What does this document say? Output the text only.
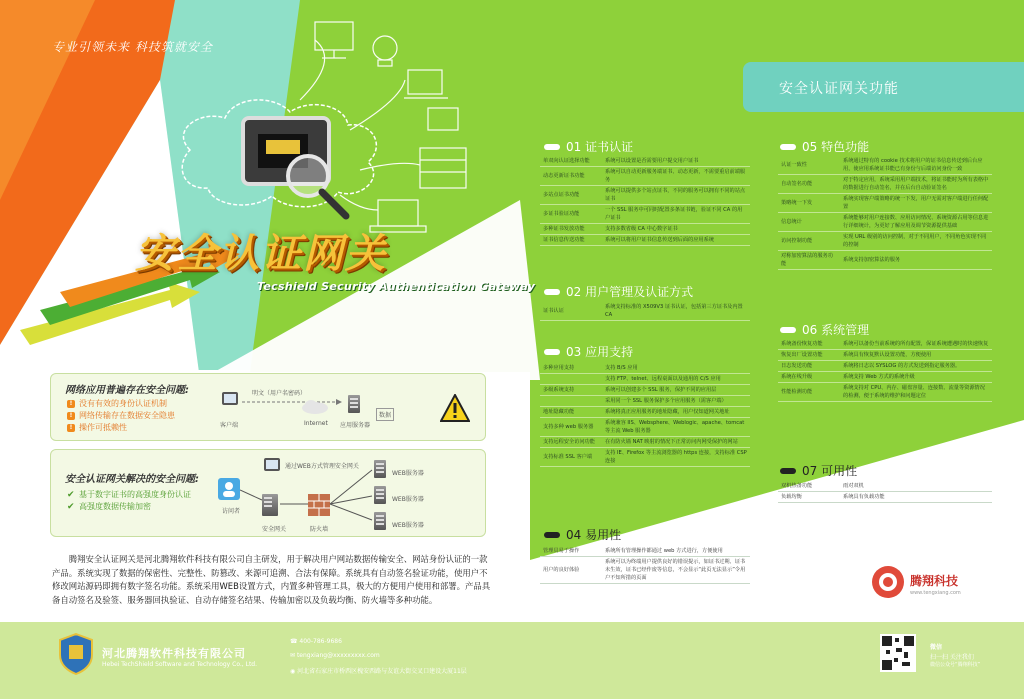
专业引领未来 科技筑就安全
安全认证网关
Tecshield Security Authentication Gateway
网络应用普遍存在安全问题:
! 没有有效的身份认证机制
! 网络传输存在数据安全隐患
! 操作可抵赖性	客户端
明文（用户名密码）
Internet 应用服务器
数据
安全认证网关解决的安全问题:
✔ 基于数字证书的高强度身份认证
✔ 高强度数据传输加密
通过WEB方式管理安全网关
访问者
安全网关	防火墙
WEB服务器
WEB服务器
WEB服务器

腾翔安全认证网关是河北腾翔软件科技有限公司自主研发，用于解决用户网站数据传输安全、网站身份认证的一款产品。系统实现了数据的保密性、完整性、防篡改、来源可追溯、合法有保障。系统具有自动签名验证功能，使用户不修改网站源码即拥有数字签名功能。系统采用WEB设置方式，内置多种管理工具，极大的方便用户使用和部署。产品具备自动签名及验签、服务器回执验证、自动存储签名结果、传输加密以及负载均衡、防火墙等多种功能。

安全认证网关功能
01 证书认证
单双向认证选择功能	系统可以设置是否需要用户提交用户证书
动态更新证书功能	系统可以自动更新服务端证书、动态更新，不需要重启前端服务
多站点证书功能	系统可以提供多个站点证书，不同的服务可以拥有不同的站点证书
多证书验证功能	一个 SSL 服务中可同时配置多条证书链，验证不同 CA 的用户证书
多种证书发放功能	支持多数省级 CA 中心数字证书
证书信息传送功能	系统可以将用户证书信息传送到后面的应用系统
02 用户管理及认证方式
证书认证	系统支持标准的 X509V3 证书认证，包括第三方证书及内置 CA
03 应用支持
多种应用支持	支持 B/S 应用
	支持 FTP、telnet、远程桌面以及通用的 C/S 应用
多级系统支持	系统可以创建多个 SSL 服务，保护不同的应用层
	采用同一个 SSL 服务保护多个应用服务（需客户端）
地址隐藏功能	系统将真正应用服务的地址隐藏，用户仅知道网关地址
支持多种 web 服务器	系统兼容 IIS、Websphere、Weblogic、apache、tomcat 等主流 Web 服务器
支持远程安全访问功能	在有防火墙 NAT 映射的情况下正常访问内网受保护的网站
支持标准 SSL 客户端	支持 IE、Firefox 等主流浏览器的 https 连接，支持标准 CSP 连接
04 易用性
管理员易于操作	系统所有管理操作都通过 web 方式进行，方便使用
用户的良好体验	系统可以为终端用户提供良好的错误提示，如证书过期、证书未生效，证书已经作废等信息，不会显示“此页无法显示”令用户不知所措的页面
05 特色功能
认证一致性	系统通过特有的 cookie 技术将用户的证书信息传送到后台应用，使应用系统证书能已有身份与后端访问身份一致
自动签名功能	对于特定应用，系统采用用户端技术，将证书能时为所有表格中的数据进行自动签名，并在后台自动验证签名
策略统一下发	系统实现客户端策略的统一下发，用户无需对客户端进行任何配置
信息统计	系统能够对用户连接数、应用访问情况、系统资源占用等信息进行详细统计，为更好了解应用及调节资源提供基础
访问控制功能	实现 URL 级别的访问控制，对于不同用户，不同角色实现不同的控制
对称加密算法的服务功能	系统支持加密算法的服务
06 系统管理
系统备份恢复功能	系统可以备份当前系统的所有配置，保证系统遭遇时的快速恢复
恢复出厂设置功能	系统具有恢复默认设置功能，方便使用
日志发送功能	系统将日志以 SYSLOG 的方式发送到指定服务器。
系统在线升级	系统支持 Web 方式的系统升级
性能检测功能	系统支持对 CPU、内存、磁盘容量、连接数、流量等资源情况的检测，便于系统的维护和问题定位
07 可用性
双机热备功能	雨对双机
负载均衡	系统具有负载功能
腾翔科技
www.tengxiang.com
河北腾翔软件科技有限公司
Hebei TechShield Software and Technology Co., Ltd.
☎ 400-786-9686
✉ tengxiang@xxxxxxxxx.com
◉ 河北省石家庄市桥西区槐安西路与友谊大街交叉口建设大厦11层
微信
扫一扫 关注我们
微信公众号“腾翔科技”
